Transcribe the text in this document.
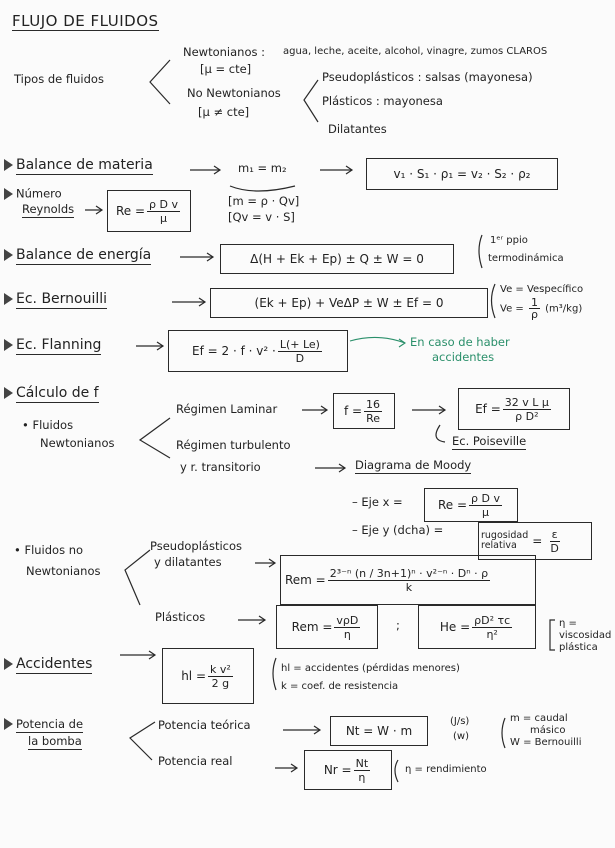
FLUJO DE FLUIDOS
Tipos de fluidos
Newtonianos : agua, leche, aceite, alcohol, vinagre, zumos CLAROS
[μ = cte]
No Newtonianos
[μ ≠ cte]
Pseudoplásticos : salsas (mayonesa)
Plásticos : mayonesa
Dilatantes
Balance de materia	m₁ = m₂	v₁ · S₁ · ρ₁ = v₂ · S₂ · ρ₂
Número
Reynolds	$Re = \frac{\text{ρ D v}}{\mu}$	[m = ρ · Qv]
[Qv = v · S]
Balance de energía	Δ(H + Ek + Ep) ± Q ± W = 0
1ᵉʳ ppio
termodinámica
Ec. Bernouilli	(Ek + Ep) + VeΔP ± W ± Ef = 0
Ve = Vespecífico
$Ve = \frac{1}{\rho} (m^3/kg)$
Ec. Flanning	$Ef = 2 \cdot f \cdot v^2 \cdot \frac{L(+ Le)}{D}$	En caso de haber
accidentes
Cálculo de f
• Fluidos
Newtonianos
Régimen Laminar	$f = \frac{16}{Re}$	$Ef = \frac{\text{32 v L μ}}{\text{ρ D²}}$
Ec. Poiseville
Régimen turbulento
y r. transitorio	Diagrama de Moody
– Eje x =	$Re = \frac{\text{ρ D v}}{\mu}$
– Eje y (dcha) =	rugosidad
relativa	= $\frac{\varepsilon}{D}$
• Fluidos no
Newtonianos
Pseudoplásticos
y dilatantes
Rem = $\frac{\text{2³⁻ⁿ (n / 3n+1)ⁿ · v²⁻ⁿ · Dⁿ · ρ}}{k}$
Plásticos
Rem = $\frac{\text{vρD}}{\eta}$	;	$He = \frac{\text{ρD² τc}}{\text{η²}}$	η =
viscosidad
plástica
Accidentes
hl = $\frac{\text{k v²}}{2 g}$	hl = accidentes (pérdidas menores)
k = coef. de resistencia
Potencia de
la bomba
Potencia teórica	Nt = W · m
(J/s)
(w)
m = caudal
másico
W = Bernouilli
Potencia real
$Nr = \frac{Nt}{\eta}$	η = rendimiento
